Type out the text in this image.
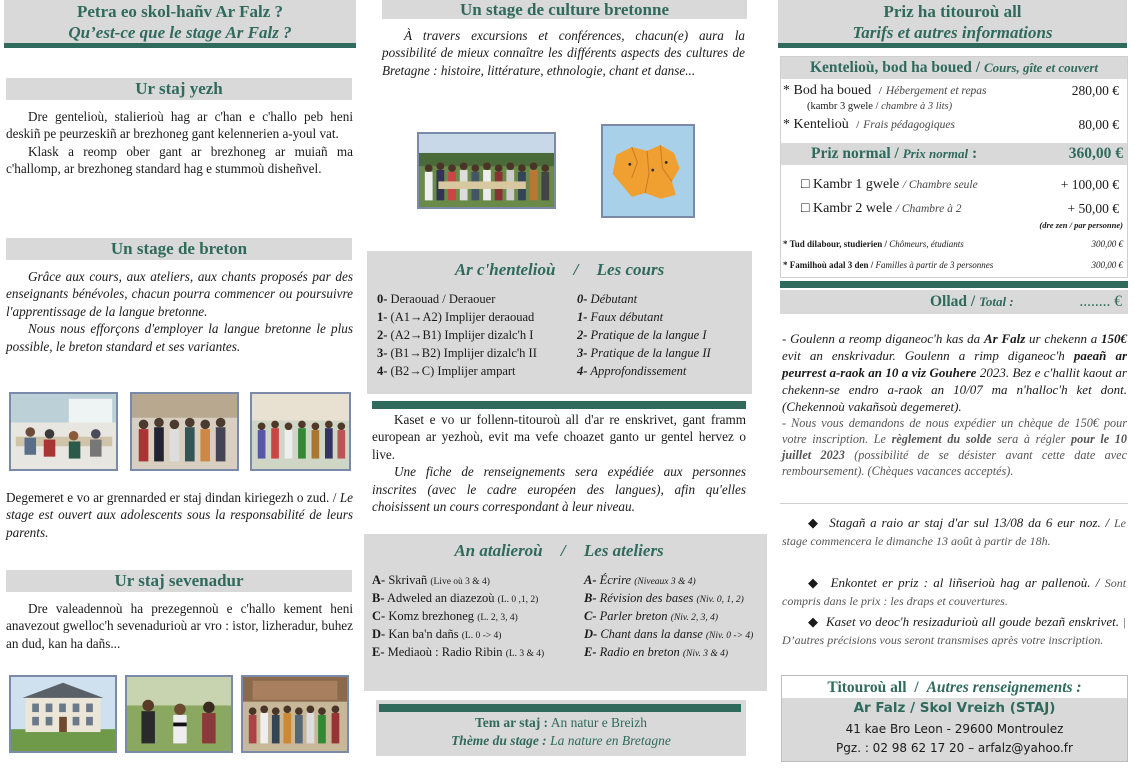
Petra eo skol-hañv Ar Falz ?
Qu’est-ce que le stage Ar Falz ?
Ur staj yezh

Dre gentelioù, stalierioù hag ar c'han e c'hallo peb heni deskiñ pe peurzeskiñ ar brezhoneg gant kelennerien a-youl vat.

Klask a reomp ober gant ar brezhoneg ar muiañ ma c'hallomp, ar brezhoneg standard hag e stummoù disheñvel.

Un stage de breton

Grâce aux cours, aux ateliers, aux chants proposés par des enseignants bénévoles, chacun pourra commencer ou poursuivre l'apprentissage de la langue bretonne.

Nous nous efforçons d'employer la langue bretonne le plus possible, le breton standard et ses variantes.

Degemeret e vo ar grennarded er staj dindan kiriegezh o zud. / Le stage est ouvert aux adolescents sous la responsabilité de leurs parents.

Ur staj sevenadur

Dre valeadennoù ha prezegennoù e c'hallo kement heni anavezout gwelloc'h sevenadurioù ar vro : istor, lizheradur, buhez an dud, kan ha dañs...

Un stage de culture bretonne

À travers excursions et conférences, chacun(e) aura la possibilité de mieux connaître les différents aspects des cultures de Bretagne : histoire, littérature, ethnologie, chant et danse...

Ar c'hentelioù / Les cours
0- Deraouad / Deraouer	0- Débutant
1- (A1→A2) Implijer deraouad	1- Faux débutant
2- (A2→B1) Implijer dizalc'h I	2- Pratique de la langue I
3- (B1→B2) Implijer dizalc'h II	3- Pratique de la langue II
4- (B2→C) Implijer ampart	4- Approfondissement

Kaset e vo ur follenn-titouroù all d'ar re enskrivet, gant framm european ar yezhoù, evit ma vefe choazet ganto ur gentel hervez o live.

Une fiche de renseignements sera expédiée aux personnes inscrites (avec le cadre européen des langues), afin qu'elles choisissent un cours correspondant à leur niveau.

An atalieroù / Les ateliers
A- Skrivañ (Live où 3 & 4)	A- Écrire (Niveaux 3 & 4)
B- Adweled an diazezoù (L. 0 ,1, 2)	B- Révision des bases (Niv. 0, 1, 2)
C- Komz brezhoneg (L. 2, 3, 4)	C- Parler breton (Niv. 2, 3, 4)
D- Kan ba'n dañs (L. 0 -> 4)	D- Chant dans la danse (Niv. 0 -> 4)
E- Mediaoù : Radio Ribin (L. 3 & 4)	E- Radio en breton (Niv. 3 & 4)
Tem ar staj : An natur e Breizh
Thème du stage : La nature en Bretagne
Priz ha titouroù all
Tarifs et autres informations
Kentelioù, bod ha boued / Cours, gîte et couvert
* Bod ha boued / Hébergement et repas	280,00 €
(kambr 3 gwele / chambre à 3 lits)
* Kentelioù / Frais pédagogiques	80,00 €
Priz normal / Prix normal :	360,00 €
□ Kambr 1 gwele / Chambre seule	+ 100,00 €
□ Kambr 2 wele / Chambre à 2	+ 50,00 €
(dre zen / par personne)
* Tud dilabour, studierien / Chômeurs, étudiants	300,00 €
* Familhoù adal 3 den / Familles à partir de 3 personnes	300,00 €
Ollad / Total :	........ €

- Goulenn a reomp diganeoc'h kas da Ar Falz ur chekenn a 150€ evit an enskrivadur. Goulenn a rimp diganeoc'h paeañ ar peurrest a-raok an 10 a viz Gouhere 2023. Bez e c'hallit kaout ar chekenn-se endro a-raok an 10/07 ma n'halloc'h ket dont. (Chekennoù vakañsoù degemeret).

- Nous vous demandons de nous expédier un chèque de 150€ pour votre inscription. Le règlement du solde sera à régler pour le 10 juillet 2023 (possibilité de se désister avant cette date avec remboursement). (Chèques vacances acceptés).

◆ Stagañ a raio ar staj d'ar sul 13/08 da 6 eur noz. / Le stage commencera le dimanche 13 août à partir de 18h.

◆ Enkontet er priz : al liñserioù hag ar pallenoù. / Sont compris dans le prix : les draps et couvertures.

◆ Kaset vo deoc'h resizadurioù all goude bezañ enskrivet. | D’autres précisions vous seront transmises après votre inscription.

Titouroù all / Autres renseignements :
Ar Falz / Skol Vreizh (STAJ)
41 kae Bro Leon - 29600 Montroulez
Pgz. : 02 98 62 17 20 – arfalz@yahoo.fr
